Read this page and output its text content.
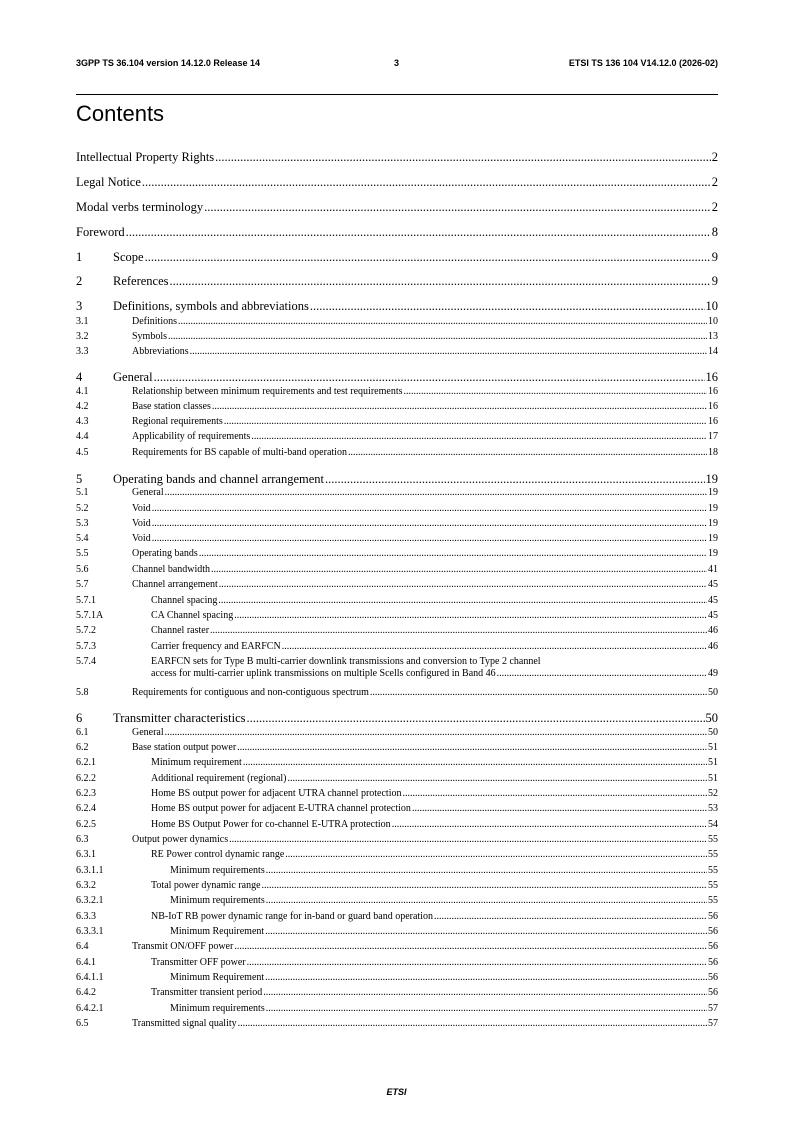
3GPP TS 36.104 version 14.12.0 Release 14	3	ETSI TS 136 104 V14.12.0 (2026-02)
Contents
Intellectual Property Rights .....	2
Legal Notice .....	2
Modal verbs terminology .....	2
Foreword .....	8
1 Scope .....	9
2 References .....	9
3 Definitions, symbols and abbreviations .....	10
3.1	Definitions .....	10
3.2	Symbols .....	13
3.3	Abbreviations .....	14
4 General .....	16
4.1	Relationship between minimum requirements and test requirements .....	16
4.2	Base station classes .....	16
4.3	Regional requirements .....	16
4.4	Applicability of requirements .....	17
4.5	Requirements for BS capable of multi-band operation .....	18
5 Operating bands and channel arrangement .....	19
5.1	General .....	19
5.2	Void .....	19
5.3	Void .....	19
5.4	Void .....	19
5.5	Operating bands .....	19
5.6	Channel bandwidth .....	41
5.7	Channel arrangement .....	45
5.7.1	Channel spacing .....	45
5.7.1A	CA Channel spacing .....	45
5.7.2	Channel raster .....	46
5.7.3	Carrier frequency and EARFCN .....	46
5.7.4	EARFCN sets for Type B multi-carrier downlink transmissions and conversion to Type 2 channel
access for multi-carrier uplink transmissions on multiple Scells configured in Band 46 .....	49
5.8	Requirements for contiguous and non-contiguous spectrum .....	50
6 Transmitter characteristics .....	50
6.1	General .....	50
6.2	Base station output power .....	51
6.2.1	Minimum requirement .....	51
6.2.2	Additional requirement (regional) .....	51
6.2.3	Home BS output power for adjacent UTRA channel protection .....	52
6.2.4	Home BS output power for adjacent E-UTRA channel protection .....	53
6.2.5	Home BS Output Power for co-channel E-UTRA protection .....	54
6.3	Output power dynamics .....	55
6.3.1	RE Power control dynamic range .....	55
6.3.1.1	Minimum requirements .....	55
6.3.2	Total power dynamic range .....	55
6.3.2.1	Minimum requirements .....	55
6.3.3	NB-IoT RB power dynamic range for in-band or guard band operation .....	56
6.3.3.1	Minimum Requirement .....	56
6.4	Transmit ON/OFF power .....	56
6.4.1	Transmitter OFF power .....	56
6.4.1.1	Minimum Requirement .....	56
6.4.2	Transmitter transient period .....	56
6.4.2.1	Minimum requirements .....	57
6.5	Transmitted signal quality .....	57
ETSI
